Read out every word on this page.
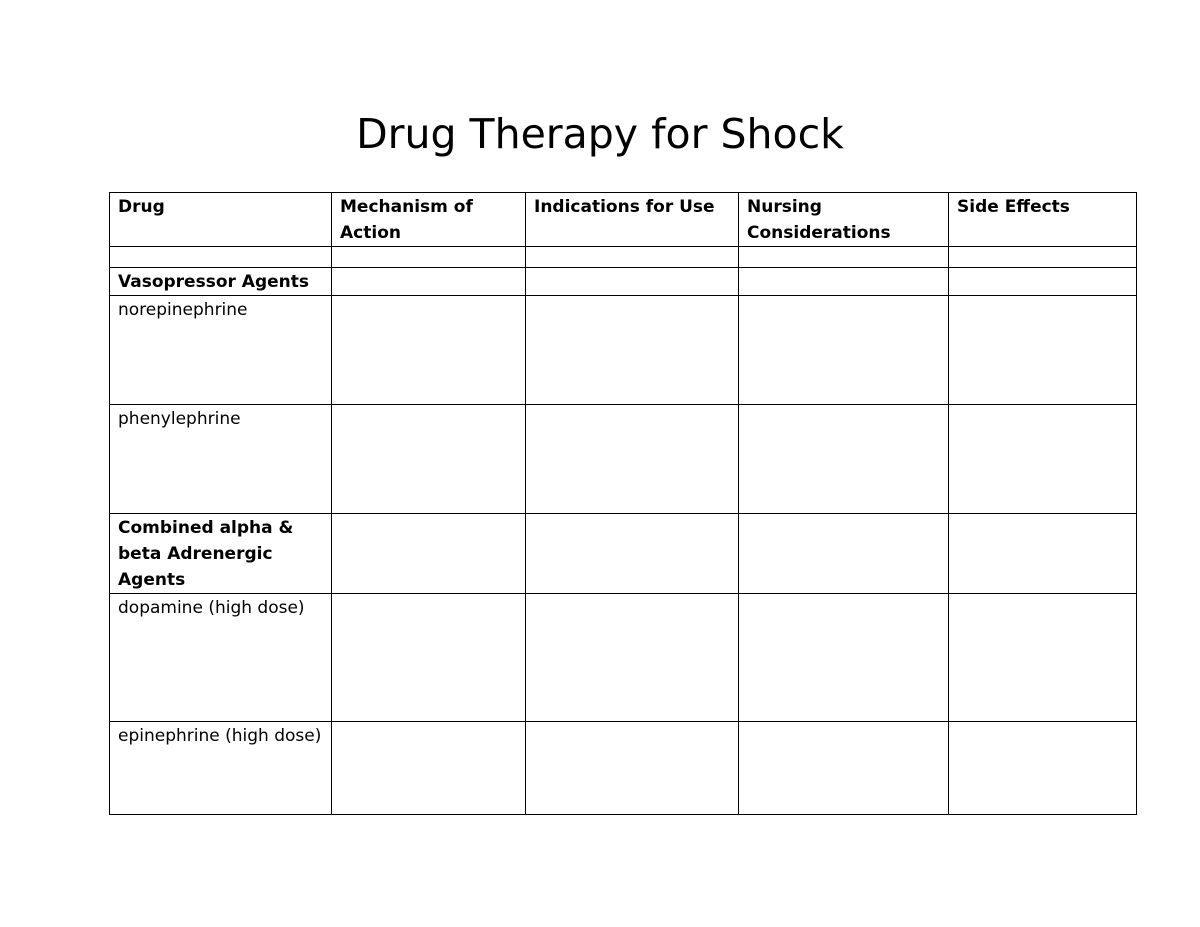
Drug Therapy for Shock
Drug	Mechanism of Action	Indications for Use	Nursing Considerations	Side Effects

Vasopressor Agents				
norepinephrine				
phenylephrine				
Combined alpha & beta Adrenergic Agents				
dopamine (high dose)				
epinephrine (high dose)				
